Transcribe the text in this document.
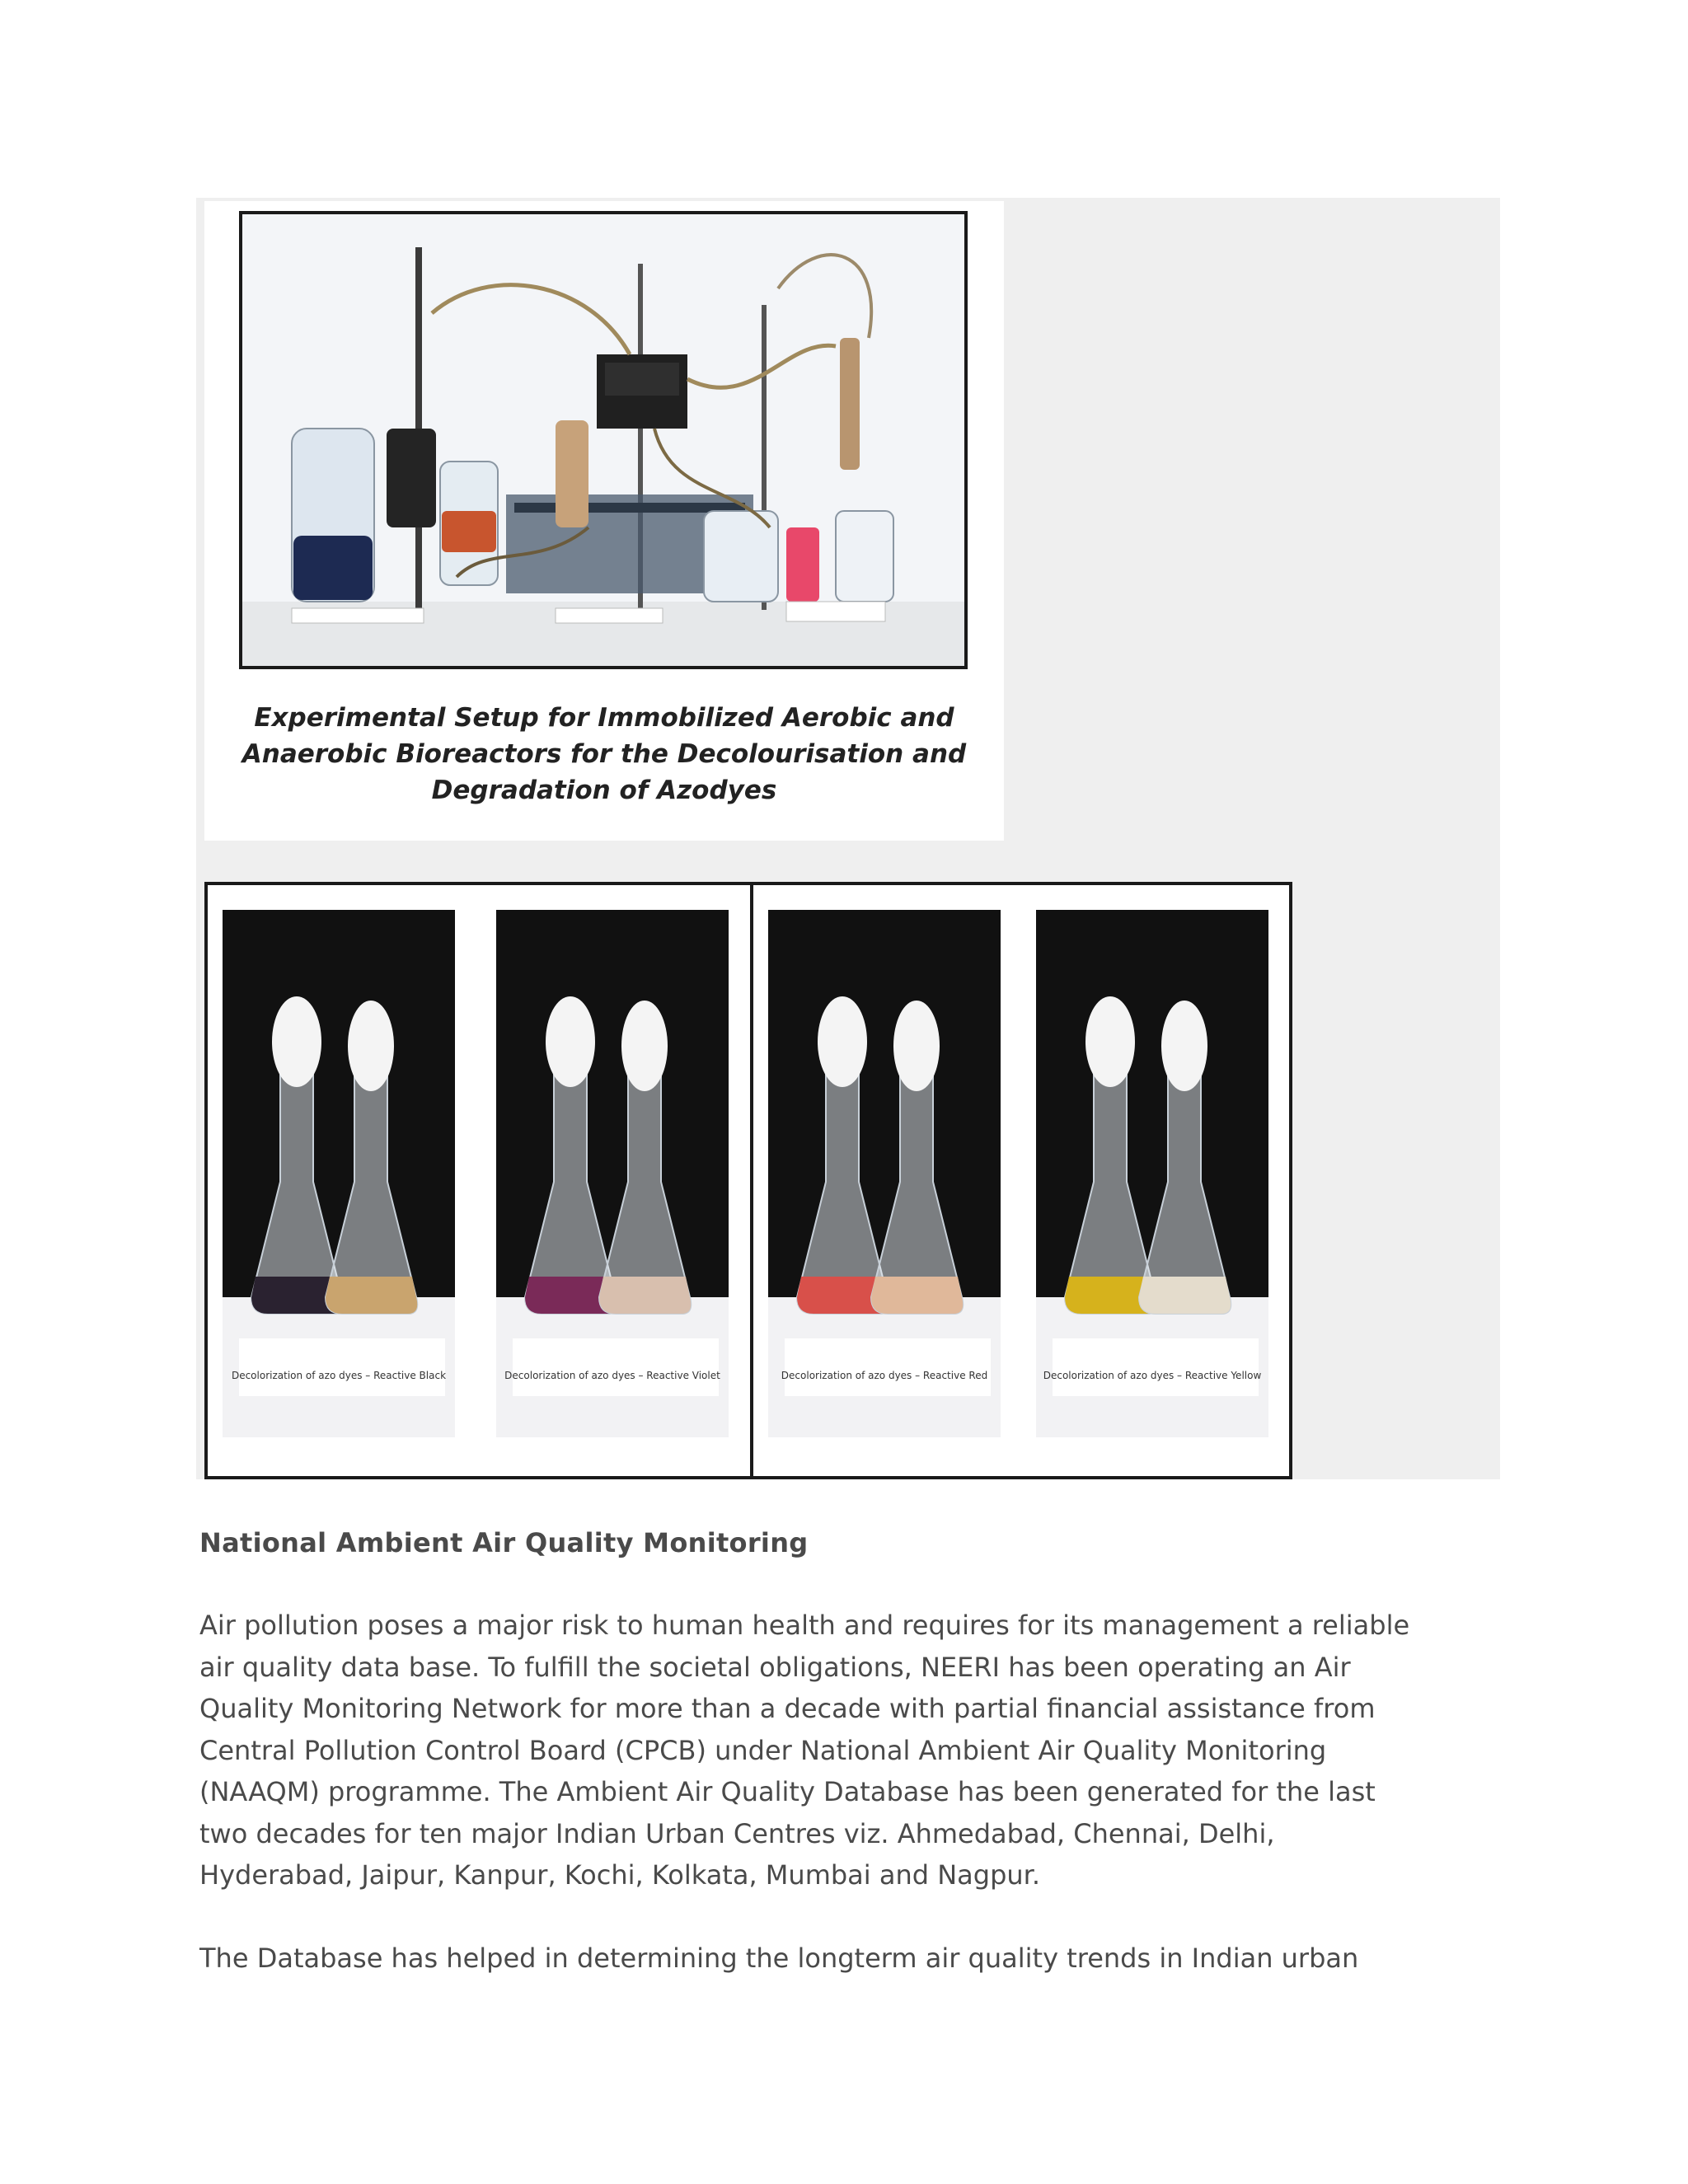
Experimental Setup for Immobilized Aerobic and
Anaerobic Bioreactors for the Decolourisation and
Degradation of Azodyes
Decolorization of azo dyes – Reactive Black	Decolorization of azo dyes – Reactive Violet	Decolorization of azo dyes – Reactive Red	Decolorization of azo dyes – Reactive Yellow
National Ambient Air Quality Monitoring
Air pollution poses a major risk to human health and requires for its management a reliable
air quality data base. To fulfill the societal obligations, NEERI has been operating an Air
Quality Monitoring Network for more than a decade with partial financial assistance from
Central Pollution Control Board (CPCB) under National Ambient Air Quality Monitoring
(NAAQM) programme. The Ambient Air Quality Database has been generated for the last
two decades for ten major Indian Urban Centres viz. Ahmedabad, Chennai, Delhi,
Hyderabad, Jaipur, Kanpur, Kochi, Kolkata, Mumbai and Nagpur.
The Database has helped in determining the longterm air quality trends in Indian urban
